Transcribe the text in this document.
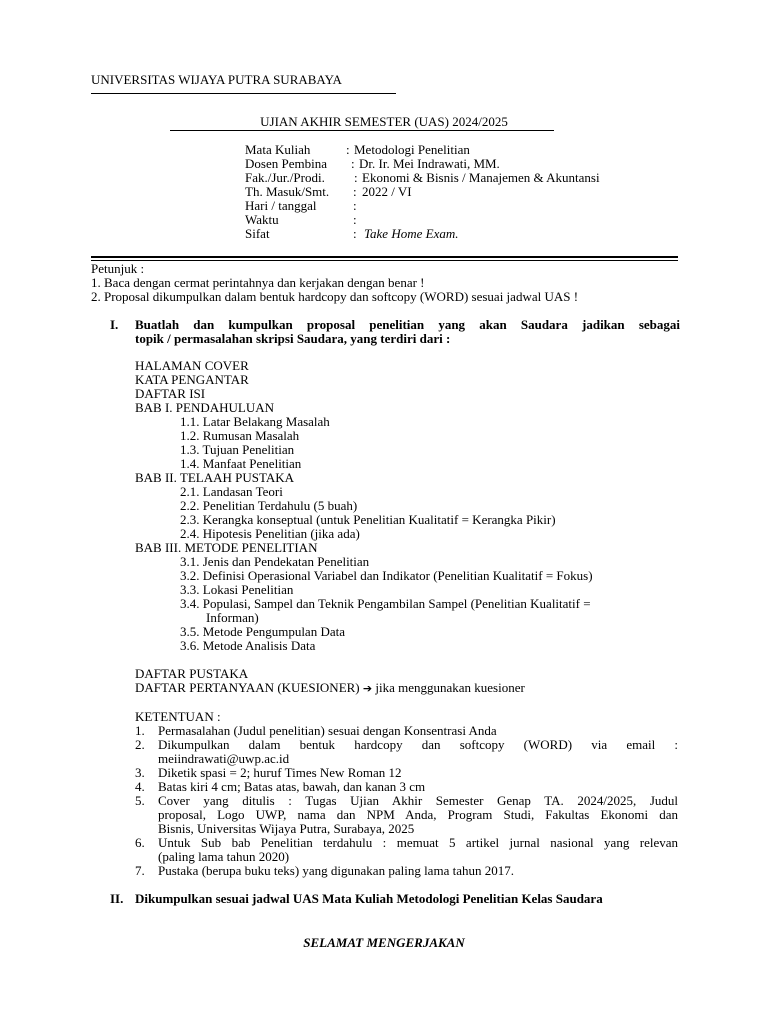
UNIVERSITAS WIJAYA PUTRA SURABAYA
UJIAN AKHIR SEMESTER (UAS) 2024/2025
Mata Kuliah	: Metodologi Penelitian
Dosen Pembina : Dr. Ir. Mei Indrawati, MM.
Fak./Jur./Prodi. : Ekonomi & Bisnis / Manajemen & Akuntansi
Th. Masuk/Smt. : 2022 / VI
Hari / tanggal	:
Waktu	:
Sifat	: Take Home Exam.
Petunjuk :
1. Baca dengan cermat perintahnya dan kerjakan dengan benar !
2. Proposal dikumpulkan dalam bentuk hardcopy dan softcopy (WORD) sesuai jadwal UAS !
I. Buatlah dan kumpulkan proposal penelitian yang akan Saudara jadikan sebagai
topik / permasalahan skripsi Saudara, yang terdiri dari :
HALAMAN COVER
KATA PENGANTAR
DAFTAR ISI
BAB I. PENDAHULUAN
1.1. Latar Belakang Masalah
1.2. Rumusan Masalah
1.3. Tujuan Penelitian
1.4. Manfaat Penelitian
BAB II. TELAAH PUSTAKA
2.1. Landasan Teori
2.2. Penelitian Terdahulu (5 buah)
2.3. Kerangka konseptual (untuk Penelitian Kualitatif = Kerangka Pikir)
2.4. Hipotesis Penelitian (jika ada)
BAB III. METODE PENELITIAN
3.1. Jenis dan Pendekatan Penelitian
3.2. Definisi Operasional Variabel dan Indikator (Penelitian Kualitatif = Fokus)
3.3. Lokasi Penelitian
3.4. Populasi, Sampel dan Teknik Pengambilan Sampel (Penelitian Kualitatif =
Informan)
3.5. Metode Pengumpulan Data
3.6. Metode Analisis Data
DAFTAR PUSTAKA
DAFTAR PERTANYAAN (KUESIONER) ➔ jika menggunakan kuesioner
KETENTUAN :
1. Permasalahan (Judul penelitian) sesuai dengan Konsentrasi Anda
2. Dikumpulkan dalam bentuk hardcopy dan softcopy (WORD) via email :
meiindrawati@uwp.ac.id
3. Diketik spasi = 2; huruf Times New Roman 12
4. Batas kiri 4 cm; Batas atas, bawah, dan kanan 3 cm
5. Cover yang ditulis : Tugas Ujian Akhir Semester Genap TA. 2024/2025, Judul
proposal, Logo UWP, nama dan NPM Anda, Program Studi, Fakultas Ekonomi dan
Bisnis, Universitas Wijaya Putra, Surabaya, 2025
6. Untuk Sub bab Penelitian terdahulu : memuat 5 artikel jurnal nasional yang relevan
(paling lama tahun 2020)
7. Pustaka (berupa buku teks) yang digunakan paling lama tahun 2017.
II. Dikumpulkan sesuai jadwal UAS Mata Kuliah Metodologi Penelitian Kelas Saudara
SELAMAT MENGERJAKAN
